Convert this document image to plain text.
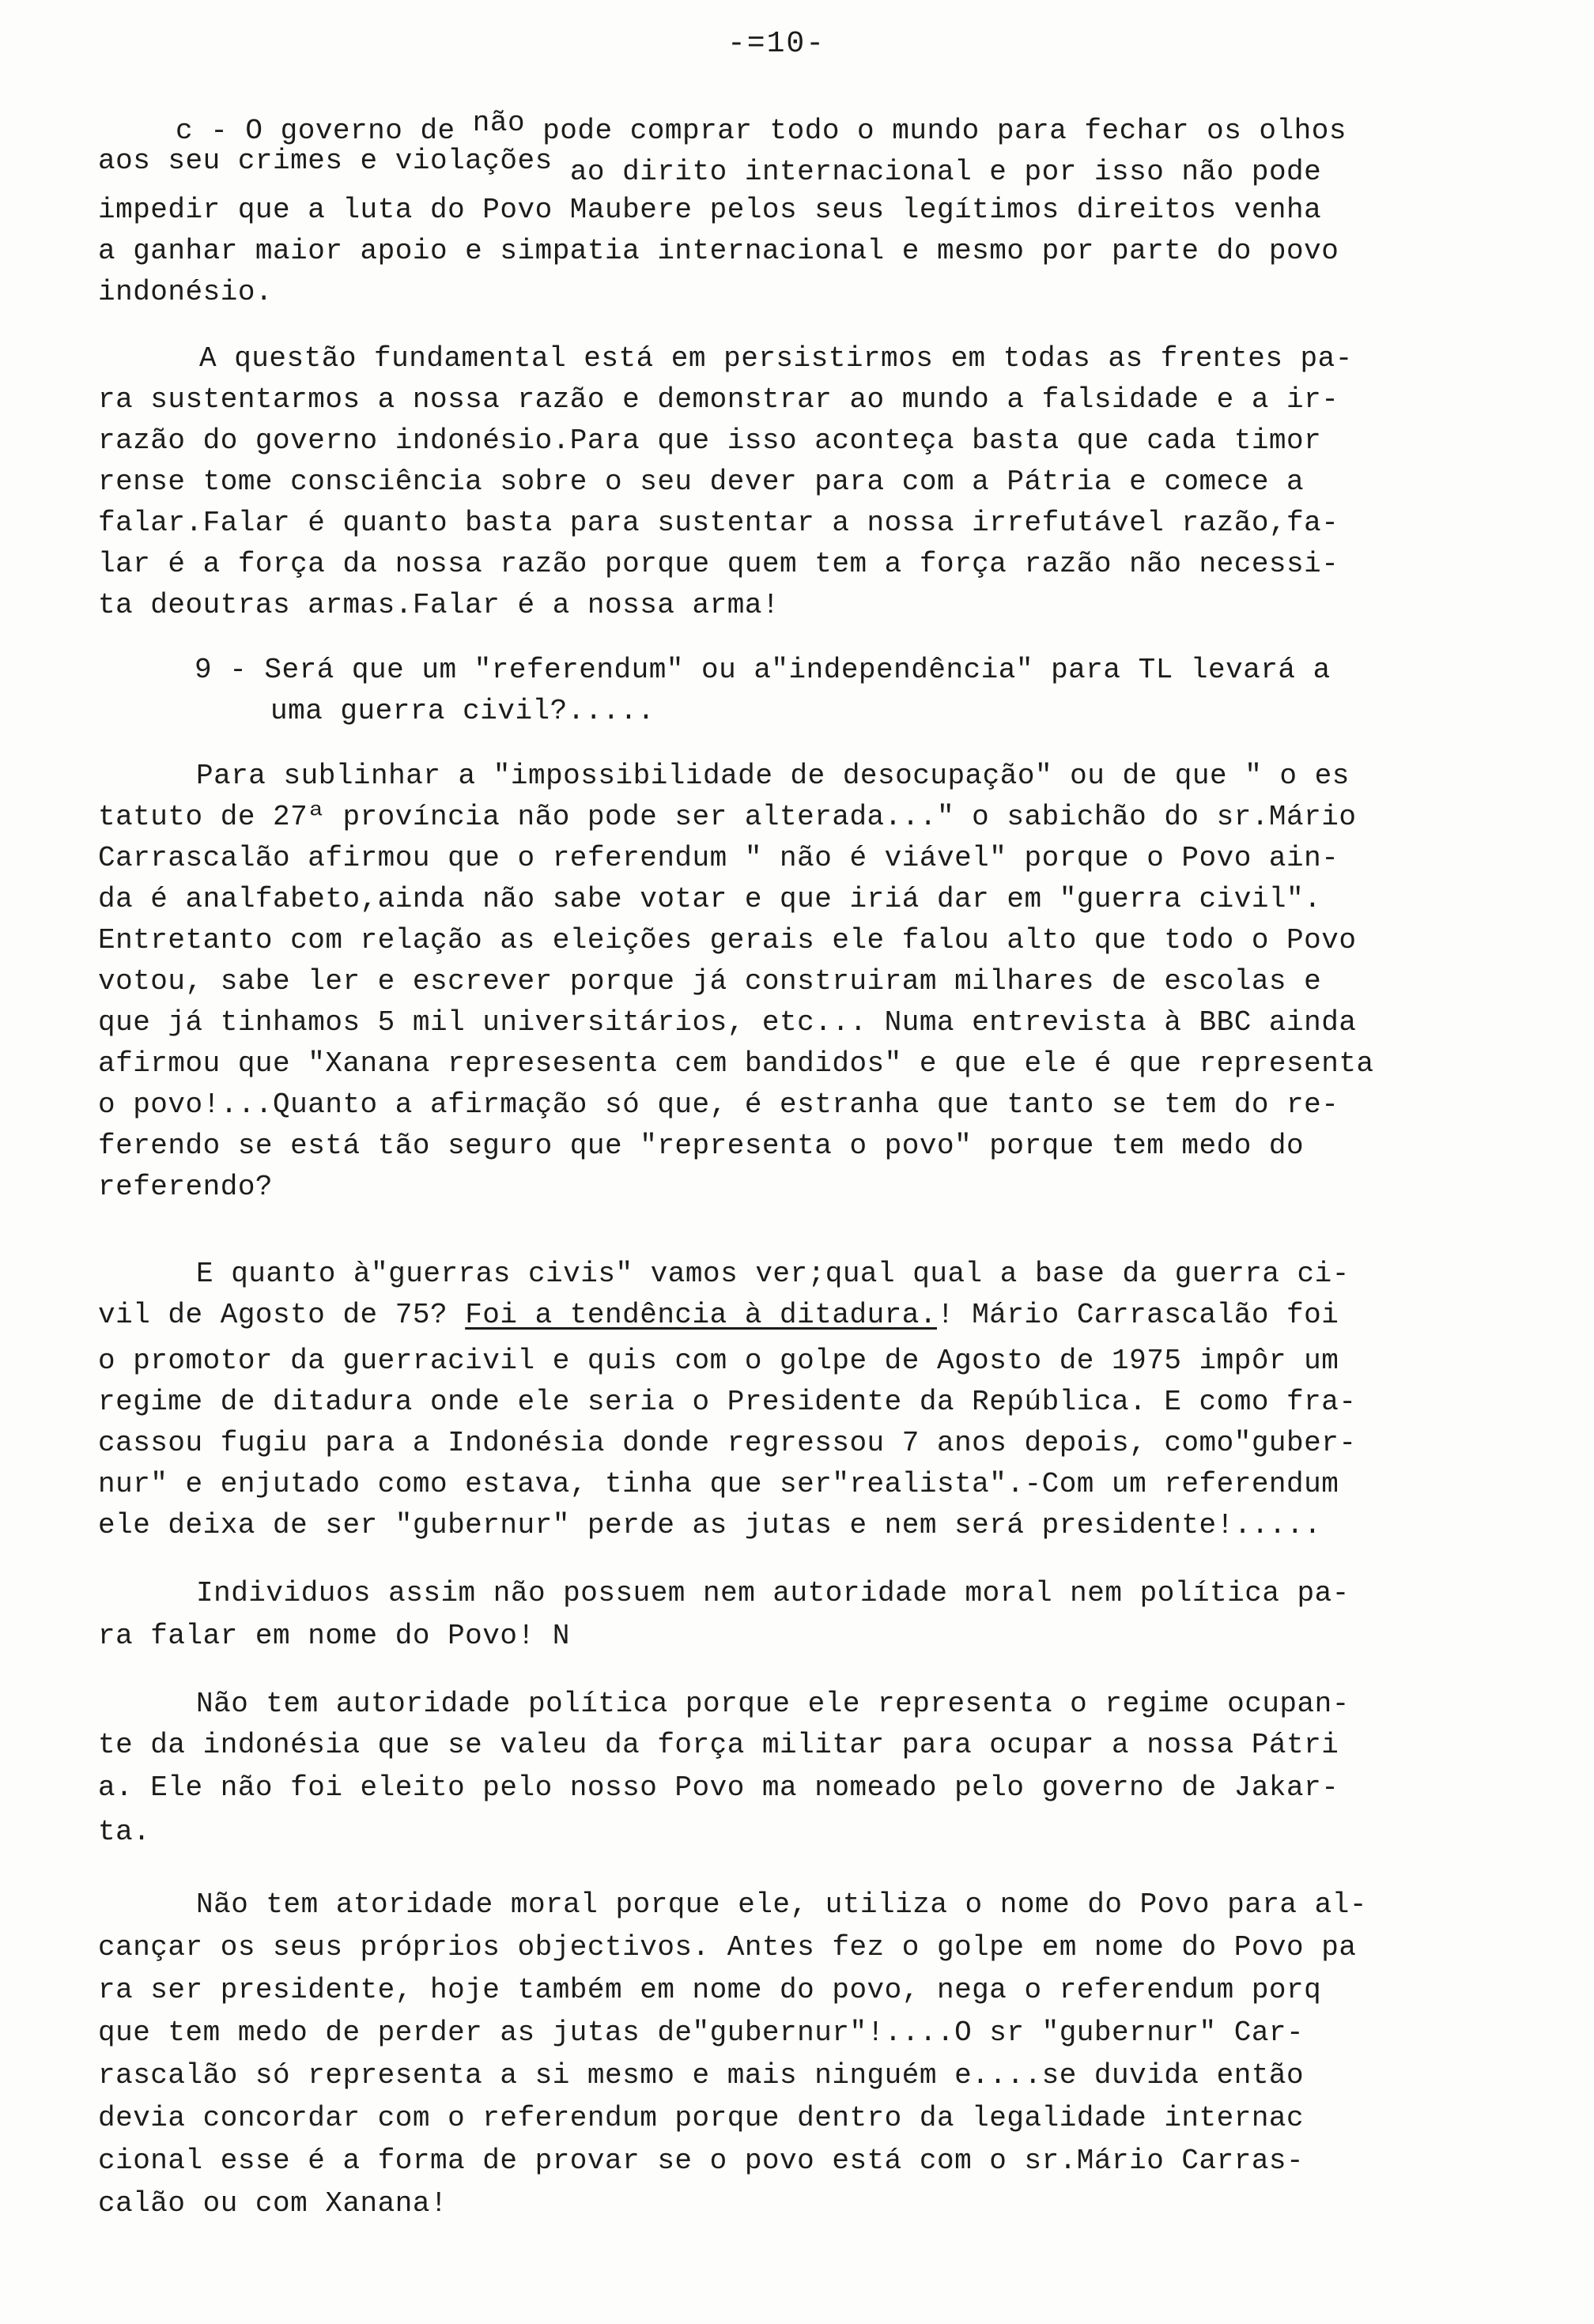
-=10-
c - O governo de não pode comprar todo o mundo para fechar os olhos
aos seu crimes e violações ao dirito internacional e por isso não pode
impedir que a luta do Povo Maubere pelos seus legítimos direitos venha
a ganhar maior apoio e simpatia internacional e mesmo por parte do povo
indonésio.
A questão fundamental está em persistirmos em todas as frentes pa-
ra sustentarmos a nossa razão e demonstrar ao mundo a falsidade e a ir-
razão do governo indonésio.Para que isso aconteça basta que cada timor
rense tome consciência sobre o seu dever para com a Pátria e comece a
falar.Falar é quanto basta para sustentar a nossa irrefutável razão,fa-
lar é a força da nossa razão porque quem tem a força razão não necessi-
ta deoutras armas.Falar é a nossa arma!
9 - Será que um "referendum" ou a"independência" para TL levará a
uma guerra civil?.....
Para sublinhar a "impossibilidade de desocupação" ou de que " o es
tatuto de 27ª província não pode ser alterada..." o sabichão do sr.Mário
Carrascalão afirmou que o referendum " não é viável" porque o Povo ain-
da é analfabeto,ainda não sabe votar e que iriá dar em "guerra civil".
Entretanto com relação as eleições gerais ele falou alto que todo o Povo
votou, sabe ler e escrever porque já construiram milhares de escolas e
que já tinhamos 5 mil universitários, etc... Numa entrevista à BBC ainda
afirmou que "Xanana represesenta cem bandidos" e que ele é que representa
o povo!...Quanto a afirmação só que, é estranha que tanto se tem do re-
ferendo se está tão seguro que "representa o povo" porque tem medo do
referendo?
E quanto à"guerras civis" vamos ver;qual qual a base da guerra ci-
vil de Agosto de 75? Foi a tendência à ditadura.! Mário Carrascalão foi
o promotor da guerracivil e quis com o golpe de Agosto de 1975 impôr um
regime de ditadura onde ele seria o Presidente da República. E como fra-
cassou fugiu para a Indonésia donde regressou 7 anos depois, como"guber-
nur" e enjutado como estava, tinha que ser"realista".-Com um referendum
ele deixa de ser "gubernur" perde as jutas e nem será presidente!.....
Individuos assim não possuem nem autoridade moral nem política pa-
ra falar em nome do Povo! N
Não tem autoridade política porque ele representa o regime ocupan-
te da indonésia que se valeu da força militar para ocupar a nossa Pátri
a. Ele não foi eleito pelo nosso Povo ma nomeado pelo governo de Jakar-
ta.
Não tem atoridade moral porque ele, utiliza o nome do Povo para al-
cançar os seus próprios objectivos. Antes fez o golpe em nome do Povo pa
ra ser presidente, hoje também em nome do povo, nega o referendum porq
que tem medo de perder as jutas de"gubernur"!....O sr "gubernur" Car-
rascalão só representa a si mesmo e mais ninguém e....se duvida então
devia concordar com o referendum porque dentro da legalidade internac
cional esse é a forma de provar se o povo está com o sr.Mário Carras-
calão ou com Xanana!
